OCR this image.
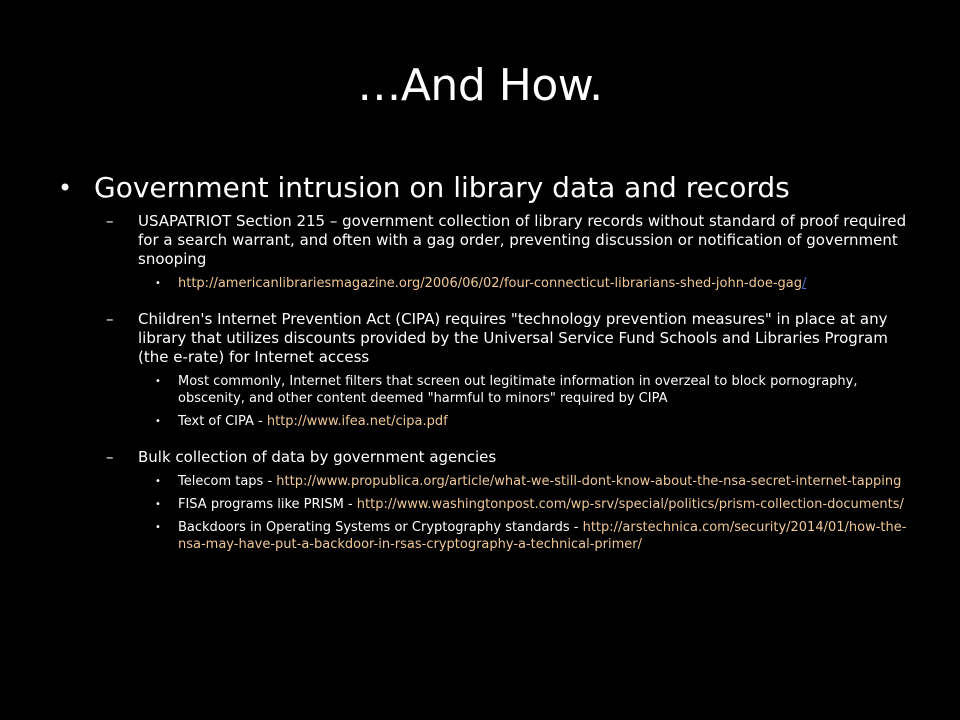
…And How.
• Government intrusion on library data and records
–	USAPATRIOT Section 215 – government collection of library records without standard of proof required for a search warrant, and often with a gag order, preventing discussion or notification of government snooping
•	http://americanlibrariesmagazine.org/2006/06/02/four-connecticut-librarians-shed-john-doe-gag/
–	Children's Internet Prevention Act (CIPA) requires "technology prevention measures" in place at any library that utilizes discounts provided by the Universal Service Fund Schools and Libraries Program (the e-rate) for Internet access
•	Most commonly, Internet filters that screen out legitimate information in overzeal to block pornography, obscenity, and other content deemed "harmful to minors" required by CIPA
•	Text of CIPA - http://www.ifea.net/cipa.pdf
–	Bulk collection of data by government agencies
•	Telecom taps - http://www.propublica.org/article/what-we-still-dont-know-about-the-nsa-secret-internet-tapping
•	FISA programs like PRISM - http://www.washingtonpost.com/wp-srv/special/politics/prism-collection-documents/
•	Backdoors in Operating Systems or Cryptography standards - http://arstechnica.com/security/2014/01/how-the-nsa-may-have-put-a-backdoor-in-rsas-cryptography-a-technical-primer/
